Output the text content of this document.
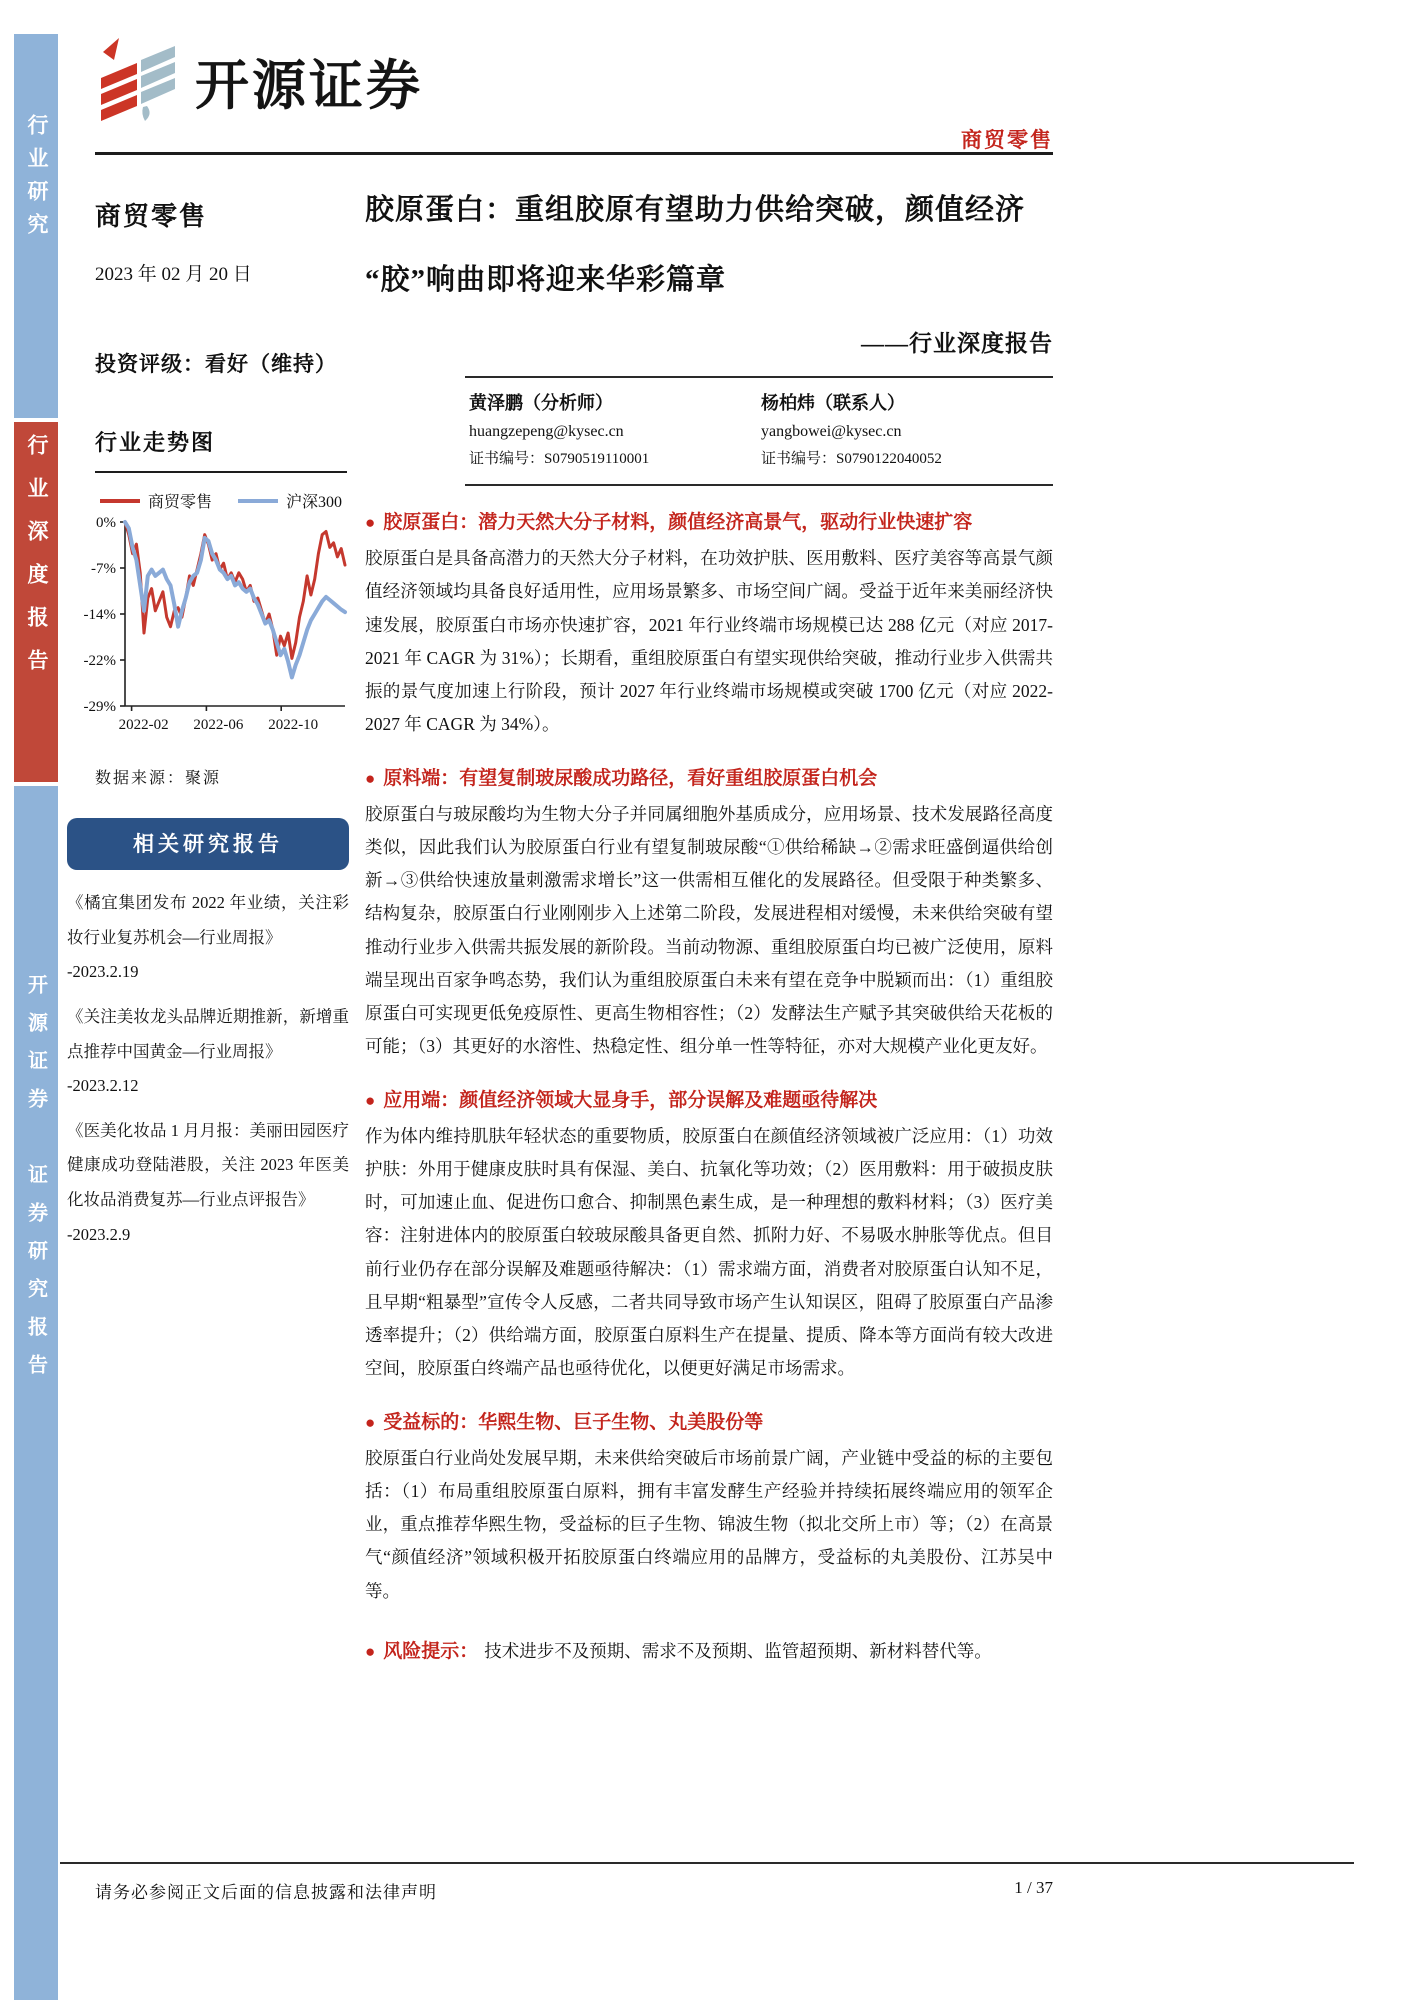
行业研究
行业深度报告
开源证券　证券研究报告
开源证券
商贸零售
商贸零售
2023 年 02 月 20 日
投资评级：看好（维持）
行业走势图
商贸零售	沪深300
0%
-7%
-14%
-22%
-29%
2022-02 2022-06 2022-10
数据来源：聚源
相关研究报告
《橘宜集团发布 2022 年业绩，关注彩妆行业复苏机会—行业周报》
-2023.2.19
《关注美妆龙头品牌近期推新，新增重点推荐中国黄金—行业周报》
-2023.2.12
《医美化妆品 1 月月报：美丽田园医疗健康成功登陆港股，关注 2023 年医美化妆品消费复苏—行业点评报告》
-2023.2.9
胶原蛋白：重组胶原有望助力供给突破，颜值经济
“胶”响曲即将迎来华彩篇章
——行业深度报告
黄泽鹏（分析师）
huangzepeng@kysec.cn
证书编号：S0790519110001
杨柏炜（联系人）
yangbowei@kysec.cn
证书编号：S0790122040052
● 胶原蛋白：潜力天然大分子材料，颜值经济高景气，驱动行业快速扩容

胶原蛋白是具备高潜力的天然大分子材料，在功效护肤、医用敷料、医疗美容等高景气颜值经济领域均具备良好适用性，应用场景繁多、市场空间广阔。受益于近年来美丽经济快速发展，胶原蛋白市场亦快速扩容，2021 年行业终端市场规模已达 288 亿元（对应 2017-2021 年 CAGR 为 31%）；长期看，重组胶原蛋白有望实现供给突破，推动行业步入供需共振的景气度加速上行阶段，预计 2027 年行业终端市场规模或突破 1700 亿元（对应 2022-2027 年 CAGR 为 34%）。

● 原料端：有望复制玻尿酸成功路径，看好重组胶原蛋白机会

胶原蛋白与玻尿酸均为生物大分子并同属细胞外基质成分，应用场景、技术发展路径高度类似，因此我们认为胶原蛋白行业有望复制玻尿酸“①供给稀缺→②需求旺盛倒逼供给创新→③供给快速放量刺激需求增长”这一供需相互催化的发展路径。但受限于种类繁多、结构复杂，胶原蛋白行业刚刚步入上述第二阶段，发展进程相对缓慢，未来供给突破有望推动行业步入供需共振发展的新阶段。当前动物源、重组胶原蛋白均已被广泛使用，原料端呈现出百家争鸣态势，我们认为重组胶原蛋白未来有望在竞争中脱颖而出：（1）重组胶原蛋白可实现更低免疫原性、更高生物相容性；（2）发酵法生产赋予其突破供给天花板的可能；（3）其更好的水溶性、热稳定性、组分单一性等特征，亦对大规模产业化更友好。

● 应用端：颜值经济领域大显身手，部分误解及难题亟待解决

作为体内维持肌肤年轻状态的重要物质，胶原蛋白在颜值经济领域被广泛应用：（1）功效护肤：外用于健康皮肤时具有保湿、美白、抗氧化等功效；（2）医用敷料：用于破损皮肤时，可加速止血、促进伤口愈合、抑制黑色素生成，是一种理想的敷料材料；（3）医疗美容：注射进体内的胶原蛋白较玻尿酸具备更自然、抓附力好、不易吸水肿胀等优点。但目前行业仍存在部分误解及难题亟待解决：（1）需求端方面，消费者对胶原蛋白认知不足，且早期“粗暴型”宣传令人反感，二者共同导致市场产生认知误区，阻碍了胶原蛋白产品渗透率提升；（2）供给端方面，胶原蛋白原料生产在提量、提质、降本等方面尚有较大改进空间，胶原蛋白终端产品也亟待优化，以便更好满足市场需求。

● 受益标的：华熙生物、巨子生物、丸美股份等

胶原蛋白行业尚处发展早期，未来供给突破后市场前景广阔，产业链中受益的标的主要包括：（1）布局重组胶原蛋白原料，拥有丰富发酵生产经验并持续拓展终端应用的领军企业，重点推荐华熙生物，受益标的巨子生物、锦波生物（拟北交所上市）等；（2）在高景气“颜值经济”领域积极开拓胶原蛋白终端应用的品牌方，受益标的丸美股份、江苏吴中等。

● 风险提示： 技术进步不及预期、需求不及预期、监管超预期、新材料替代等。
请务必参阅正文后面的信息披露和法律声明	1 / 37
